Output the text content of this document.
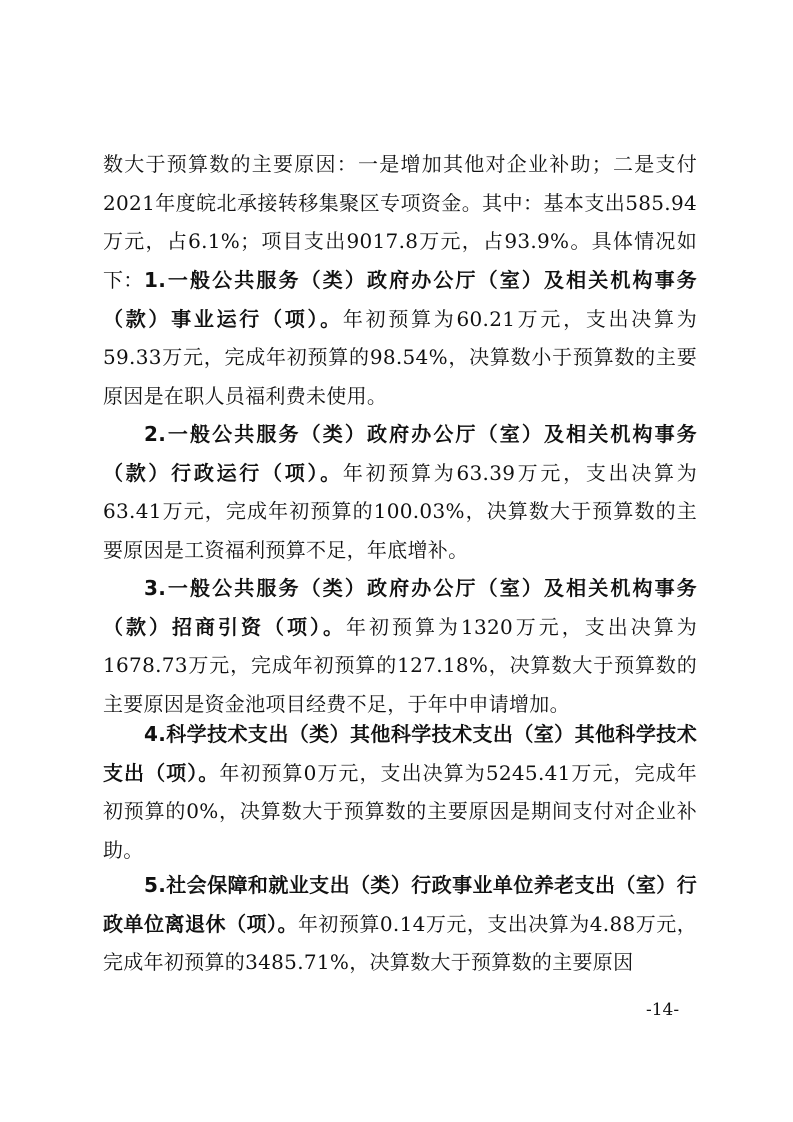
数大于预算数的主要原因：一是增加其他对企业补助；二是支付2021年度皖北承接转移集聚区专项资金。其中：基本支出585.94万元，占6.1%；项目支出9017.8万元，占93.9%。具体情况如下： 1.一般公共服务（类）政府办公厅（室）及相关机构事务（款）事业运行（项）。年初预算为60.21万元，支出决算为59.33万元，完成年初预算的98.54%，决算数小于预算数的主要原因是在职人员福利费未使用。
2.一般公共服务（类）政府办公厅（室）及相关机构事务（款）行政运行（项）。年初预算为63.39万元，支出决算为63.41万元，完成年初预算的100.03%，决算数大于预算数的主要原因是工资福利预算不足，年底增补。
3.一般公共服务（类）政府办公厅（室）及相关机构事务（款）招商引资（项）。年初预算为1320万元，支出决算为1678.73万元，完成年初预算的127.18%，决算数大于预算数的主要原因是资金池项目经费不足，于年中申请增加。
4.科学技术支出（类）其他科学技术支出（室）其他科学技术支出（项）。年初预算0万元，支出决算为5245.41万元，完成年初预算的0%，决算数大于预算数的主要原因是期间支付对企业补助。
5.社会保障和就业支出（类）行政事业单位养老支出（室）行政单位离退休（项）。年初预算0.14万元，支出决算为4.88万元，完成年初预算的3485.71%，决算数大于预算数的主要原因
-14-
